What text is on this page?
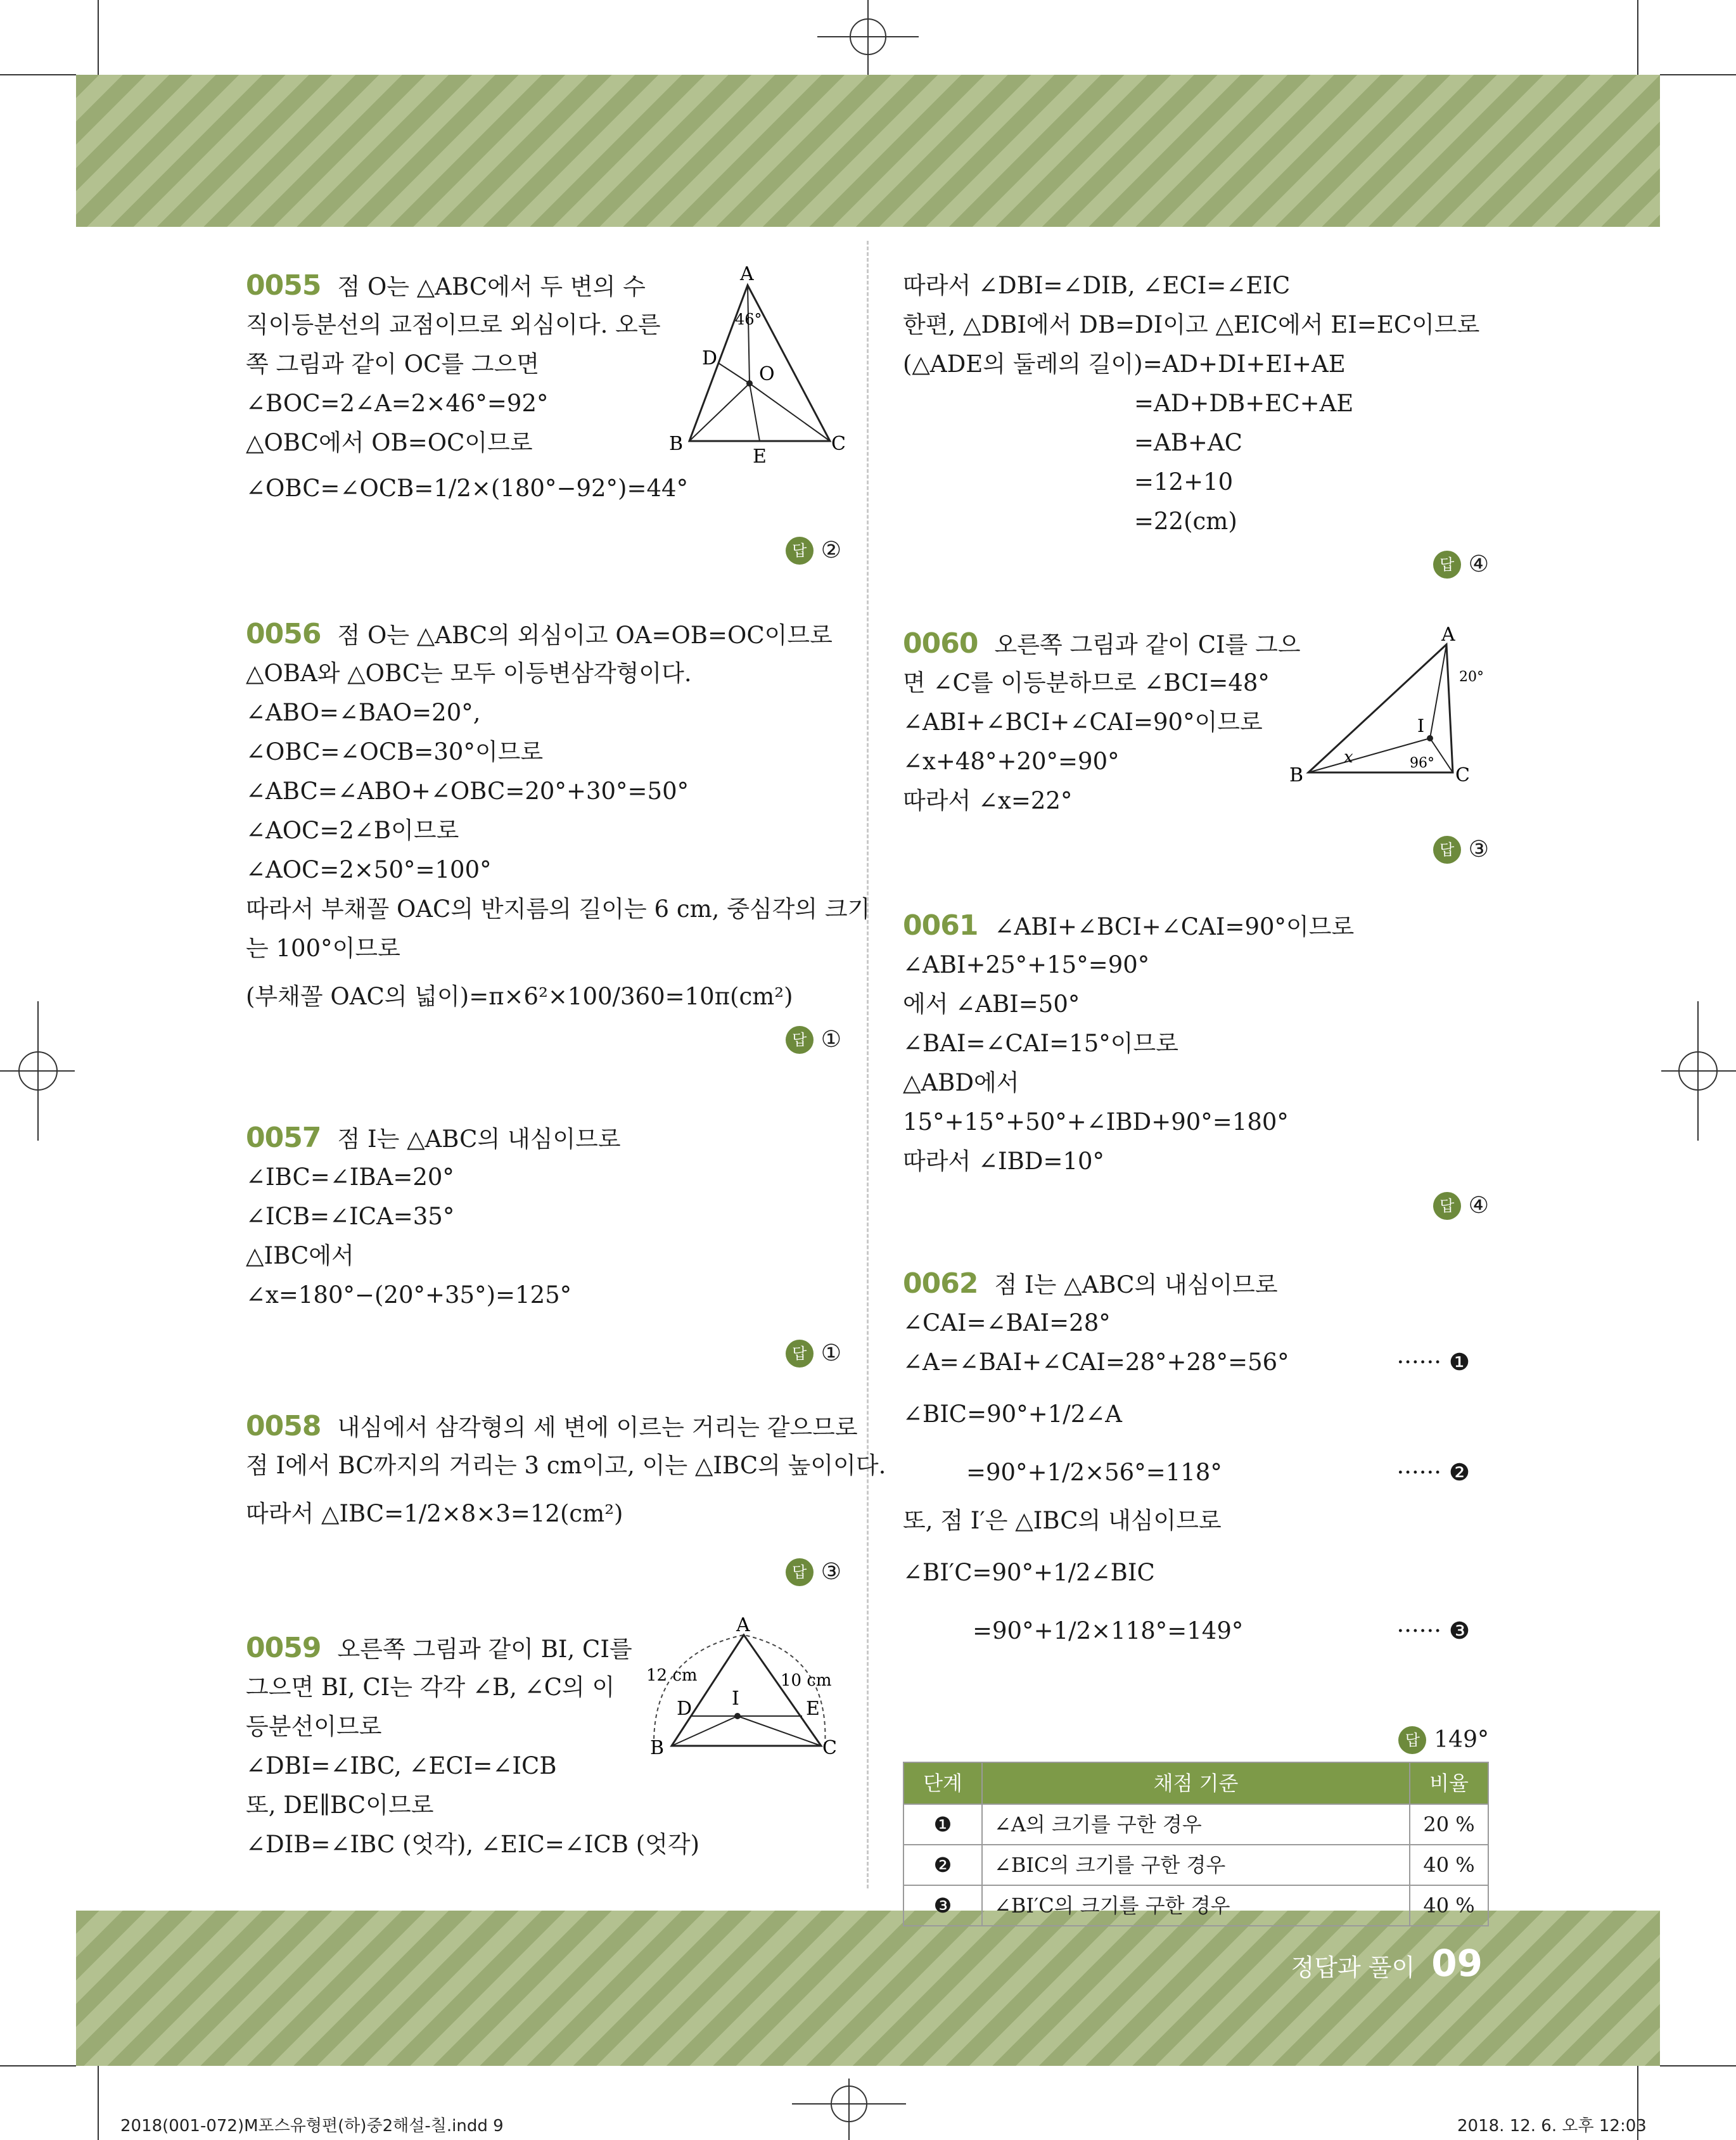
정답과 풀이 09
2018(001-072)M포스유형편(하)중2해설-칠.indd 9	2018. 12. 6. 오후 12:03
0055 점 O는 △ABC에서 두 변의 수
직이등분선의 교점이므로 외심이다. 오른
쪽 그림과 같이 OC를 그으면
∠BOC=2∠A=2×46°=92°
△OBC에서 OB=OC이므로
∠OBC=∠OCB=1/2×(180°−92°)=44°
답 ②
A
B	C
D
E
O
46°
0056 점 O는 △ABC의 외심이고 OA=OB=OC이므로
△OBA와 △OBC는 모두 이등변삼각형이다.
∠ABO=∠BAO=20°,
∠OBC=∠OCB=30°이므로
∠ABC=∠ABO+∠OBC=20°+30°=50°
∠AOC=2∠B이므로
∠AOC=2×50°=100°
따라서 부채꼴 OAC의 반지름의 길이는 6 cm, 중심각의 크기
는 100°이므로
(부채꼴 OAC의 넓이)=π×6²×100/360=10π(cm²)
답 ①
0057 점 I는 △ABC의 내심이므로
∠IBC=∠IBA=20°
∠ICB=∠ICA=35°
△IBC에서
∠x=180°−(20°+35°)=125°
답 ①
0058 내심에서 삼각형의 세 변에 이르는 거리는 같으므로
점 I에서 BC까지의 거리는 3 cm이고, 이는 △IBC의 높이이다.
따라서 △IBC=1/2×8×3=12(cm²)
답 ③
0059 오른쪽 그림과 같이 BI, CI를
그으면 BI, CI는 각각 ∠B, ∠C의 이
등분선이므로
∠DBI=∠IBC, ∠ECI=∠ICB
또, DE∥BC이므로
∠DIB=∠IBC (엇각), ∠EIC=∠ICB (엇각)
A
B	C
D	E
I
12 cm	10 cm
따라서 ∠DBI=∠DIB, ∠ECI=∠EIC
한편, △DBI에서 DB=DI이고 △EIC에서 EI=EC이므로
(△ADE의 둘레의 길이)=AD+DI+EI+AE
=AD+DB+EC+AE
=AB+AC
=12+10
=22(cm)
답 ④
0060 오른쪽 그림과 같이 CI를 그으
면 ∠C를 이등분하므로 ∠BCI=48°
∠ABI+∠BCI+∠CAI=90°이므로
∠x+48°+20°=90°
따라서 ∠x=22°
답 ③
A
B	C
I
x
20°
96°
0061 ∠ABI+∠BCI+∠CAI=90°이므로
∠ABI+25°+15°=90°
에서 ∠ABI=50°
∠BAI=∠CAI=15°이므로
△ABD에서
15°+15°+50°+∠IBD+90°=180°
따라서 ∠IBD=10°
답 ④
0062 점 I는 △ABC의 내심이므로
∠CAI=∠BAI=28°
∠A=∠BAI+∠CAI=28°+28°=56°	······ ❶
∠BIC=90°+1/2∠A
=90°+1/2×56°=118°	······ ❷
또, 점 I′은 △IBC의 내심이므로
∠BI′C=90°+1/2∠BIC
=90°+1/2×118°=149°	······ ❸
답 149°
단계	채점 기준	비율
❶	∠A의 크기를 구한 경우	20 %
❷	∠BIC의 크기를 구한 경우	40 %
❸	∠BI′C의 크기를 구한 경우	40 %
